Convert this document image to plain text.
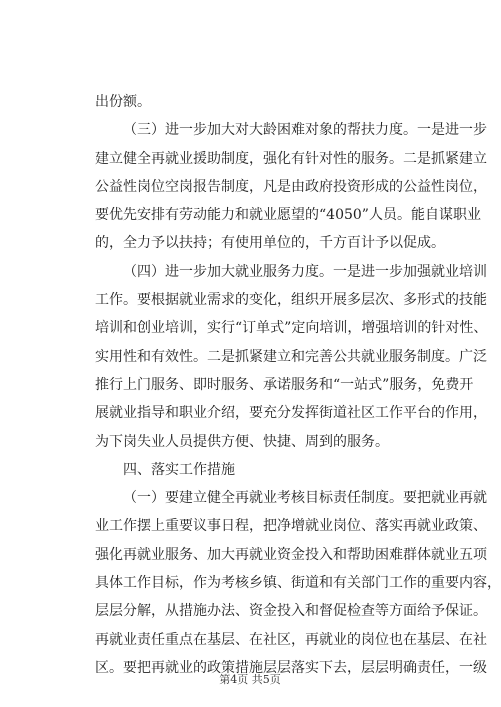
出份额。
（三）进一步加大对大龄困难对象的帮扶力度。一是进一步
建立健全再就业援助制度，强化有针对性的服务。二是抓紧建立
公益性岗位空岗报告制度，凡是由政府投资形成的公益性岗位，
要优先安排有劳动能力和就业愿望的“4050”人员。能自谋职业
的，全力予以扶持；有使用单位的，千方百计予以促成。
（四）进一步加大就业服务力度。一是进一步加强就业培训
工作。要根据就业需求的变化，组织开展多层次、多形式的技能
培训和创业培训，实行“订单式”定向培训，增强培训的针对性、
实用性和有效性。二是抓紧建立和完善公共就业服务制度。广泛
推行上门服务、即时服务、承诺服务和“一站式”服务，免费开
展就业指导和职业介绍，要充分发挥街道社区工作平台的作用，
为下岗失业人员提供方便、快捷、周到的服务。
四、落实工作措施
（一）要建立健全再就业考核目标责任制度。要把就业再就
业工作摆上重要议事日程，把净增就业岗位、落实再就业政策、
强化再就业服务、加大再就业资金投入和帮助困难群体就业五项
具体工作目标，作为考核乡镇、街道和有关部门工作的重要内容，
层层分解，从措施办法、资金投入和督促检查等方面给予保证。
再就业责任重点在基层、在社区，再就业的岗位也在基层、在社
区。要把再就业的政策措施层层落实下去，层层明确责任，一级
第4页 共5页
